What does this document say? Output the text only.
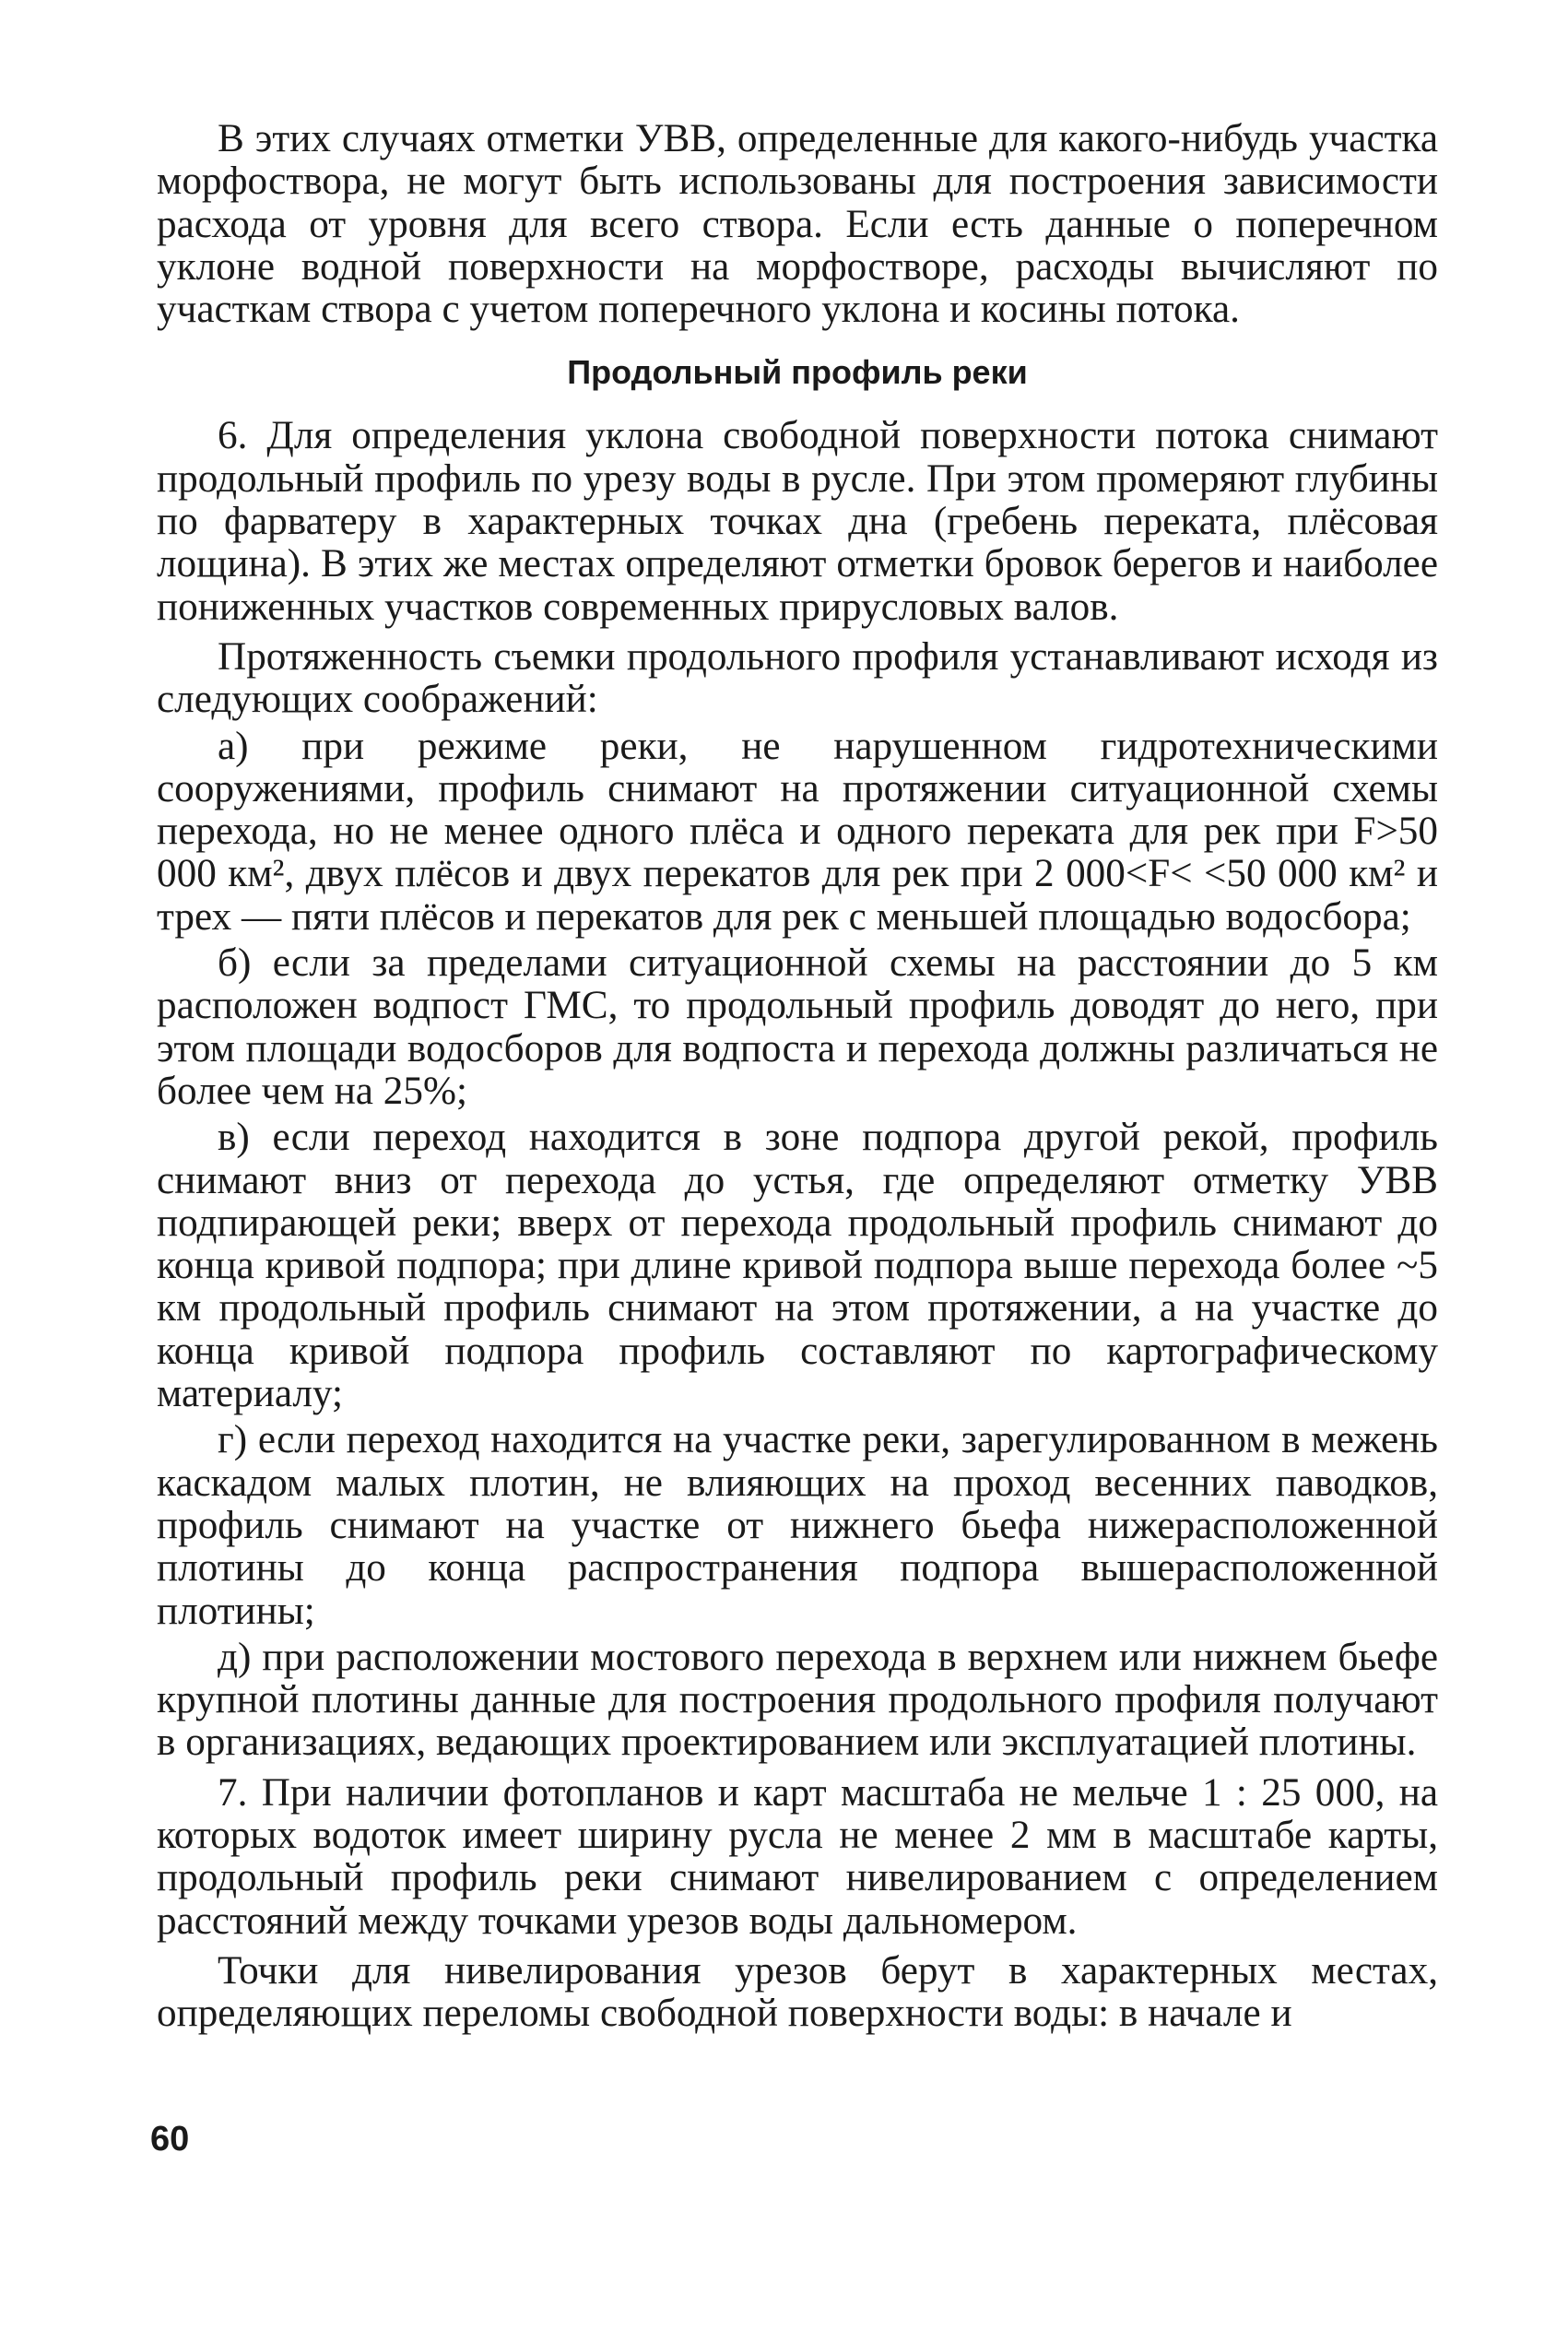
В этих случаях отметки УВВ, определенные для какого-нибудь участка морфоствора, не могут быть использованы для построения зависимости расхода от уровня для всего створа. Если есть данные о поперечном уклоне водной поверхности на морфостворе, расходы вычисляют по участкам створа с учетом поперечного уклона и косины потока.

Продольный профиль реки

6. Для определения уклона свободной поверхности потока снимают продольный профиль по урезу воды в русле. При этом промеряют глубины по фарватеру в характерных точках дна (гребень переката, плёсовая лощина). В этих же местах определяют отметки бровок берегов и наиболее пониженных участков современных прирусловых валов.

Протяженность съемки продольного профиля устанавливают исходя из следующих соображений:

а) при режиме реки, не нарушенном гидротехническими сооружениями, профиль снимают на протяжении ситуационной схемы перехода, но не менее одного плёса и одного переката для рек при F>50 000 км², двух плёсов и двух перекатов для рек при 2 000<F< <50 000 км² и трех — пяти плёсов и перекатов для рек с меньшей площадью водосбора;

б) если за пределами ситуационной схемы на расстоянии до 5 км расположен водпост ГМС, то продольный профиль доводят до него, при этом площади водосборов для водпоста и перехода должны различаться не более чем на 25%;

в) если переход находится в зоне подпора другой рекой, профиль снимают вниз от перехода до устья, где определяют отметку УВВ подпирающей реки; вверх от перехода продольный профиль снимают до конца кривой подпора; при длине кривой подпора выше перехода более ~5 км продольный профиль снимают на этом протяжении, а на участке до конца кривой подпора профиль составляют по картографическому материалу;

г) если переход находится на участке реки, зарегулированном в межень каскадом малых плотин, не влияющих на проход весенних паводков, профиль снимают на участке от нижнего бьефа нижерасположенной плотины до конца распространения подпора вышерасположенной плотины;

д) при расположении мостового перехода в верхнем или нижнем бьефе крупной плотины данные для построения продольного профиля получают в организациях, ведающих проектированием или эксплуатацией плотины.

7. При наличии фотопланов и карт масштаба не мельче 1 : 25 000, на которых водоток имеет ширину русла не менее 2 мм в масштабе карты, продольный профиль реки снимают нивелированием с определением расстояний между точками урезов воды дальномером.

Точки для нивелирования урезов берут в характерных местах, определяющих переломы свободной поверхности воды: в начале и

60
